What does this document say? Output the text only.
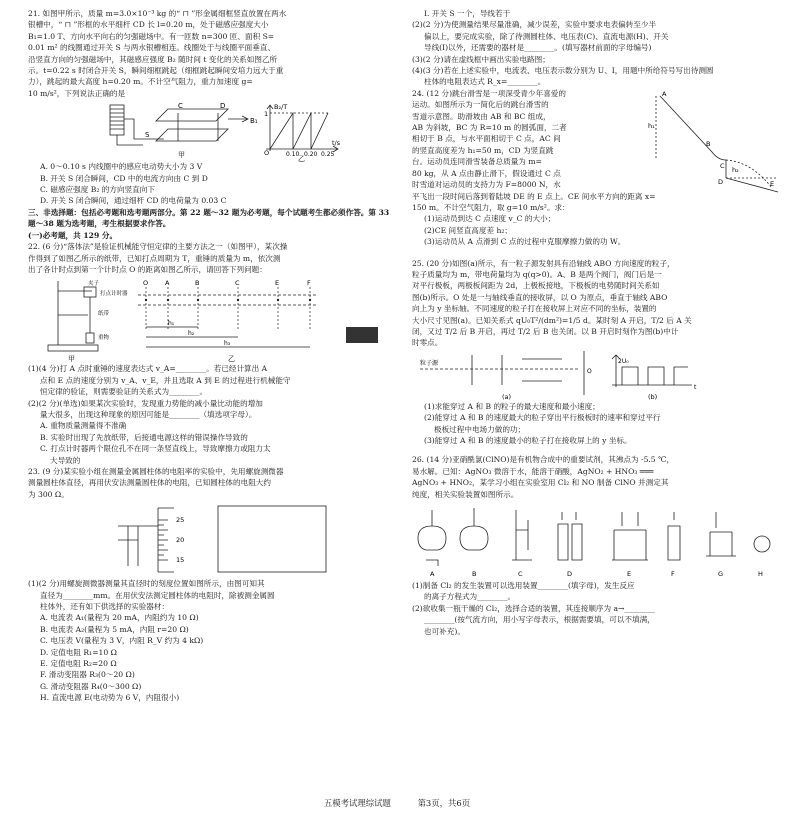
21. 如图甲所示，质量 m=3.0×10⁻³ kg 的“ ⊓ ”形金属细框竖直放置在两水

银槽中，“ ⊓ ”形框的水平细杆 CD 长 l=0.20 m，处于磁感应强度大小

B₁=1.0 T、方向水平向右的匀强磁场中。有一匝数 n=300 匝、面积 S=

0.01 m² 的线圈通过开关 S 与两水银槽相连。线圈处于与线圈平面垂直、

沿竖直方向的匀强磁场中，其磁感应强度 B₂ 随时间 t 变化的关系如图乙所

示。t=0.22 s 时闭合开关 S，瞬间细框跳起（细框跳起瞬间安培力远大于重

力），跳起的最大高度 h=0.20 m。不计空气阻力，重力加速度 g=

10 m/s²，下列说法正确的是

S
C	D
B₁
甲
B₂/T
1
O	0.10 0.20 0.25
t/s
乙

A. 0～0.10 s 内线圈中的感应电动势大小为 3 V

B. 开关 S 闭合瞬间，CD 中的电流方向由 C 到 D

C. 磁感应强度 B₂ 的方向竖直向下

D. 开关 S 闭合瞬间，通过细杆 CD 的电荷量为 0.03 C

三、非选择题：包括必考题和选考题两部分。第 22 题～32 题为必考题，每个试题考生都必须作答。第 33 题～38 题为选考题，考生根据要求作答。

(一)必考题，共 129 分。

22. (6 分)“落体法”是验证机械能守恒定律的主要方法之一（如图甲），某次操

作得到了如图乙所示的纸带，已知打点周期为 T，重锤的质量为 m，依次测

出了各计时点到第一个计时点 O 的距离如图乙所示，请回答下列问题：

夹子
打点计时器
纸带
重物
甲
O	A	B	C	E	F
h₁
h₂
h₃
乙

(1)(4 分)打 A 点时重锤的速度表达式 v_A=________。若已经计算出 A

点和 E 点的速度分别为 v_A、v_E，并且选取 A 到 E 的过程进行机械能守

恒定律的验证，则需要验证的关系式为________。

(2)(2 分)(单选)如果某次实验时，发现重力势能的减小量比动能的增加

量大很多，出现这种现象的原因可能是________（填选项字母）。

A. 重物质量测量得不准确

B. 实验时出现了先放纸带，后接通电源这样的错误操作导致的

C. 打点计时器两个限位孔不在同一条竖直线上，导致摩擦力或阻力太

大导致的

23. (9 分)某实验小组在测量金属圆柱体的电阻率的实验中，先用螺旋测微器

测量圆柱体直径，再用伏安法测量圆柱体的电阻，已知圆柱体的电阻大约

为 300 Ω。

25
20
15

(1)(2 分)用螺旋测微器测量其直径时的刻度位置如图所示，由图可知其

直径为________mm。在用伏安法测定圆柱体的电阻时，除被测金属圆

柱体外，还有如下供选择的实验器材：

A. 电流表 A₁(量程为 20 mA，内阻约为 10 Ω)

B. 电流表 A₂(量程为 5 mA，内阻 r=20 Ω)

C. 电压表 V(量程为 3 V，内阻 R_V 约为 4 kΩ)

D. 定值电阻 R₁=10 Ω

E. 定值电阻 R₂=20 Ω

F. 滑动变阻器 R₃(0～20 Ω)

G. 滑动变阻器 R₄(0～300 Ω)

H. 直流电源 E(电动势为 6 V，内阻很小)

I. 开关 S 一个，导线若干

(2)(2 分)为使测量结果尽量准确，减少误差，实验中要求电表偏转至少半

偏以上，要完成实验，除了待测圆柱体、电压表(C)、直流电源(H)、开关

导线(I)以外，还需要的器材是________。(填写器材前面的字母编号)

(3)(2 分)请在虚线框中画出实验电路图；

(4)(3 分)若在上述实验中，电流表、电压表示数分别为 U、I，用题中所给符号写出待测圆

柱体的电阻表达式 R_x=________。

24. (12 分)跳台滑雪是一项深受青少年喜爱的

运动。如图所示为一简化后的跳台滑雪的

雪道示意图。助滑坡由 AB 和 BC 组成，

AB 为斜坡，BC 为 R=10 m 的圆弧面，二者

相切于 B 点，与水平面相切于 C 点，AC 间

的竖直高度差为 h₁=50 m，CD 为竖直跳

台。运动员连同滑雪装备总质量为 m=

80 kg，从 A 点由静止滑下，假设通过 C 点

时雪道对运动员的支持力为 F=8000 N，水

A
B
C
D	E
h₁
h₂

平飞出一段时间后落到着陆坡 DE 的 E 点上。CE 间水平方向的距离 x=

150 m。不计空气阻力，取 g=10 m/s²。求：

(1)运动员到达 C 点速度 v_C 的大小；

(2)CE 间竖直高度差 h₂；

(3)运动员从 A 点滑到 C 点的过程中克服摩擦力做的功 W。

25. (20 分)如图(a)所示，有一粒子源发射具有沿轴线 ABO 方向速度的粒子，

粒子质量均为 m，带电荷量均为 q(q>0)。A、B 是两个阀门，阀门后是一

对平行极板，两极板间距为 2d，上极板接地，下极板的电势随时间关系如

图(b)所示。O 处是一与轴线垂直的接收屏，以 O 为原点，垂直于轴线 ABO

向上为 y 坐标轴。不同速度的粒子打在接收屏上对应不同的坐标，装置的

大小尺寸见图(a)。已知关系式 qU₀T²/(dm²)=1/5 d。某时刻 A 开启，T/2 后 A 关

闭，又过 T/2 后 B 开启，再过 T/2 后 B 也关闭。以 B 开启时刻作为图(b)中计

时零点。

粒子源
O
(a)
2U₀
t
(b)

(1)求能穿过 A 和 B 的粒子的最大速度和最小速度；

(2)能穿过 A 和 B 的速度最大的粒子穿出平行极板时的速率和穿过平行

极板过程中电场力做的功；

(3)能穿过 A 和 B 的速度最小的粒子打在接收屏上的 y 坐标。

26. (14 分)亚硝酰氯(ClNO)是有机物合成中的重要试剂，其沸点为 -5.5 ℃，

易水解。已知：AgNO₃ 微溶于水，能溶于硝酸，AgNO₂ + HNO₃ ═══

AgNO₃ + HNO₂，某学习小组在实验室用 Cl₂ 和 NO 制备 ClNO 并测定其

纯度，相关实验装置如图所示。

A	B	C	D	E	F	G	H

(1)制备 Cl₂ 的发生装置可以选用装置________(填字母)，发生反应

的离子方程式为________。

(2)欲收集一瓶干燥的 Cl₂，选择合适的装置，其连接顺序为 a→________

________(按气流方向，用小写字母表示，根据需要填，可以不填满，

也可补充)。

五模考试理综试题	第3页，共6页
